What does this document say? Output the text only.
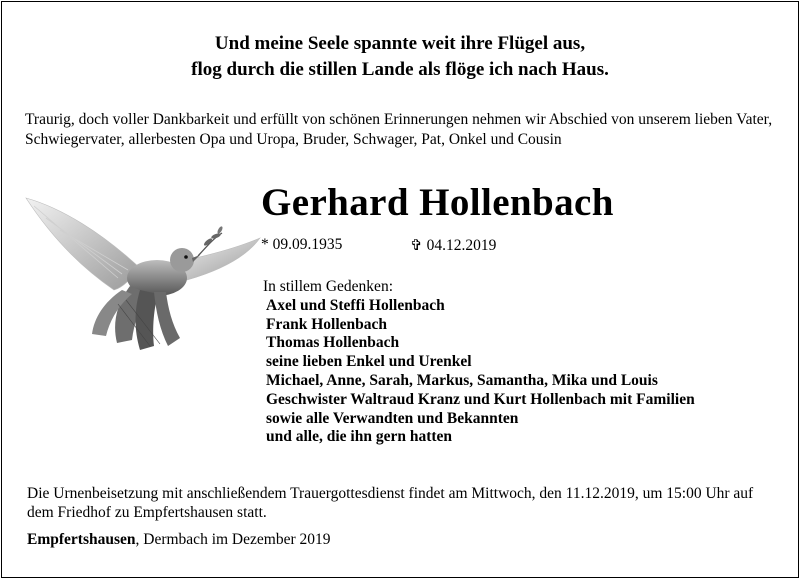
Und meine Seele spannte weit ihre Flügel aus,
flog durch die stillen Lande als flöge ich nach Haus.
Traurig, doch voller Dankbarkeit und erfüllt von schönen Erinnerungen nehmen wir Abschied von unserem lieben Vater, Schwiegervater, allerbesten Opa und Uropa, Bruder, Schwager, Pat, Onkel und Cousin
Gerhard Hollenbach
* 09.09.1935	✞ 04.12.2019
In stillem Gedenken:
Axel und Steffi Hollenbach
Frank Hollenbach
Thomas Hollenbach
seine lieben Enkel und Urenkel
Michael, Anne, Sarah, Markus, Samantha, Mika und Louis
Geschwister Waltraud Kranz und Kurt Hollenbach mit Familien
sowie alle Verwandten und Bekannten
und alle, die ihn gern hatten
Die Urnenbeisetzung mit anschließendem Trauergottesdienst findet am Mittwoch, den 11.12.2019, um 15:00 Uhr auf dem Friedhof zu Empfertshausen statt.
Empfertshausen, Dermbach im Dezember 2019
